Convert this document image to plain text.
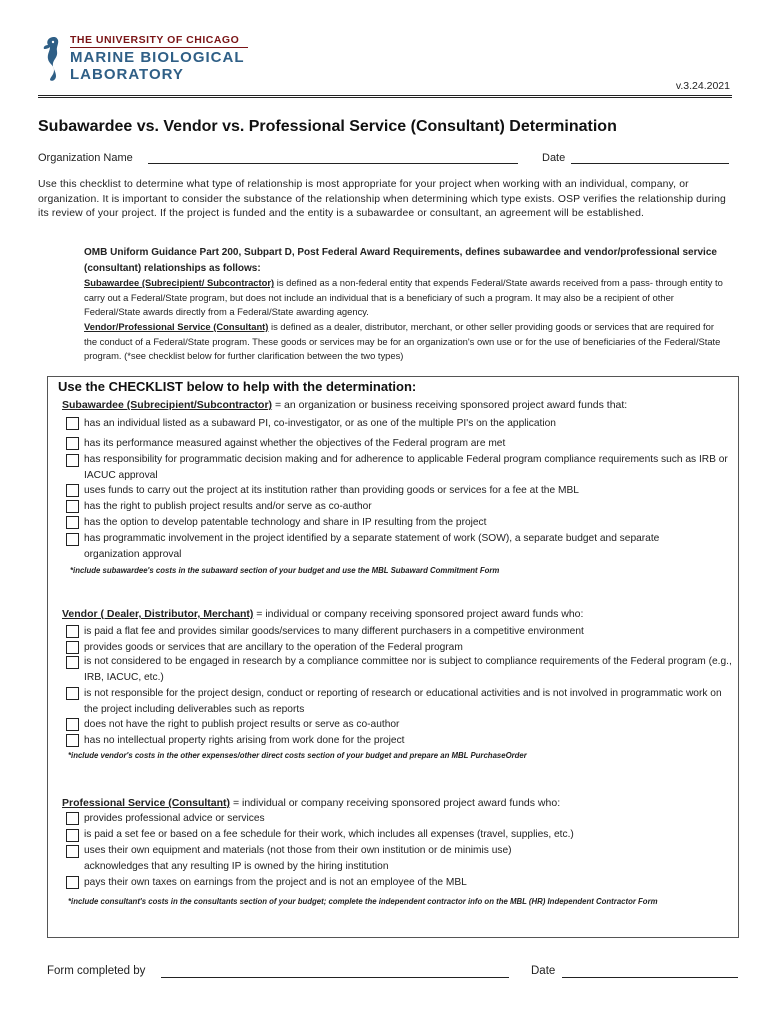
THE UNIVERSITY OF CHICAGO
MARINE BIOLOGICAL
LABORATORY
v.3.24.2021
Subawardee vs. Vendor vs. Professional Service (Consultant) Determination
Organization Name	Date
Use this checklist to determine what type of relationship is most appropriate for your project when working with an individual, company, or organization. It is important to consider the substance of the relationship when determining which type exists. OSP verifies the relationship during its review of your project. If the project is funded and the entity is a subawardee or consultant, an agreement will be established.
OMB Uniform Guidance Part 200, Subpart D, Post Federal Award Requirements, defines subawardee and vendor/professional service (consultant) relationships as follows:
Subawardee (Subrecipient/ Subcontractor) is defined as a non-federal entity that expends Federal/State awards received from a pass- through entity to carry out a Federal/State program, but does not include an individual that is a beneficiary of such a program. It may also be a recipient of other Federal/State awards directly from a Federal/State awarding agency.
Vendor/Professional Service (Consultant) is defined as a dealer, distributor, merchant, or other seller providing goods or services that are required for the conduct of a Federal/State program. These goods or services may be for an organization's own use or for the use of beneficiaries of the Federal/State program. (*see checklist below for further clarification between the two types)
Use the CHECKLIST below to help with the determination:
Subawardee (Subrecipient/Subcontractor) = an organization or business receiving sponsored project award funds that:
has an individual listed as a subaward PI, co-investigator, or as one of the multiple PI's on the application
has its performance measured against whether the objectives of the Federal program are met
has responsibility for programmatic decision making and for adherence to applicable Federal program compliance requirements such as IRB or IACUC approval
uses funds to carry out the project at its institution rather than providing goods or services for a fee at the MBL
has the right to publish project results and/or serve as co-author
has the option to develop patentable technology and share in IP resulting from the project
has programmatic involvement in the project identified by a separate statement of work (SOW), a separate budget and separate organization approval
*include subawardee's costs in the subaward section of your budget and use the MBL Subaward Commitment Form
Vendor ( Dealer, Distributor, Merchant) = individual or company receiving sponsored project award funds who:
is paid a flat fee and provides similar goods/services to many different purchasers in a competitive environment
provides goods or services that are ancillary to the operation of the Federal program
is not considered to be engaged in research by a compliance committee nor is subject to compliance requirements of the Federal program (e.g., IRB, IACUC, etc.)
is not responsible for the project design, conduct or reporting of research or educational activities and is not involved in programmatic work on the project including deliverables such as reports
does not have the right to publish project results or serve as co-author
has no intellectual property rights arising from work done for the project
*include vendor's costs in the other expenses/other direct costs section of your budget and prepare an MBL PurchaseOrder
Professional Service (Consultant) = individual or company receiving sponsored project award funds who:
provides professional advice or services
is paid a set fee or based on a fee schedule for their work, which includes all expenses (travel, supplies, etc.)
uses their own equipment and materials (not those from their own institution or de minimis use)
acknowledges that any resulting IP is owned by the hiring institution
pays their own taxes on earnings from the project and is not an employee of the MBL
*include consultant's costs in the consultants section of your budget; complete the independent contractor info on the MBL (HR) Independent Contractor Form
Form completed by	Date
